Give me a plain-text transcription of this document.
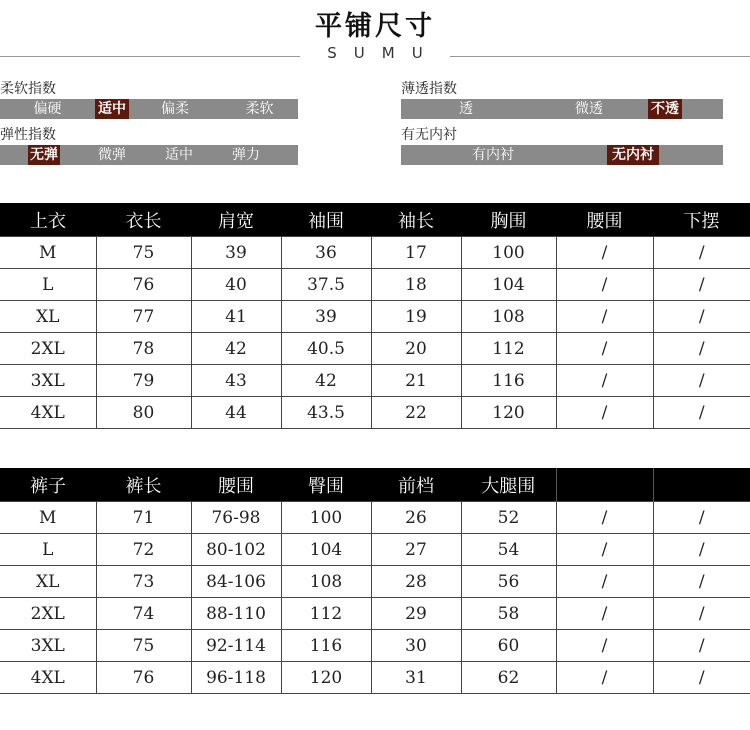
平铺尺寸
SUMU
柔软指数
偏硬	适中	偏柔	柔软
薄透指数
透	微透	不透
弹性指数
无弹	微弹	适中	弹力
有无内衬
有内衬	无内衬
上衣	衣长	肩宽	袖围	袖长	胸围	腰围	下摆
M	75	39	36	17	100	/	/
L	76	40	37.5	18	104	/	/
XL	77	41	39	19	108	/	/
2XL	78	42	40.5	20	112	/	/
3XL	79	43	42	21	116	/	/
4XL	80	44	43.5	22	120	/	/
裤子	裤长	腰围	臀围	前档	大腿围		
M	71	76-98	100	26	52	/	/
L	72	80-102	104	27	54	/	/
XL	73	84-106	108	28	56	/	/
2XL	74	88-110	112	29	58	/	/
3XL	75	92-114	116	30	60	/	/
4XL	76	96-118	120	31	62	/	/
